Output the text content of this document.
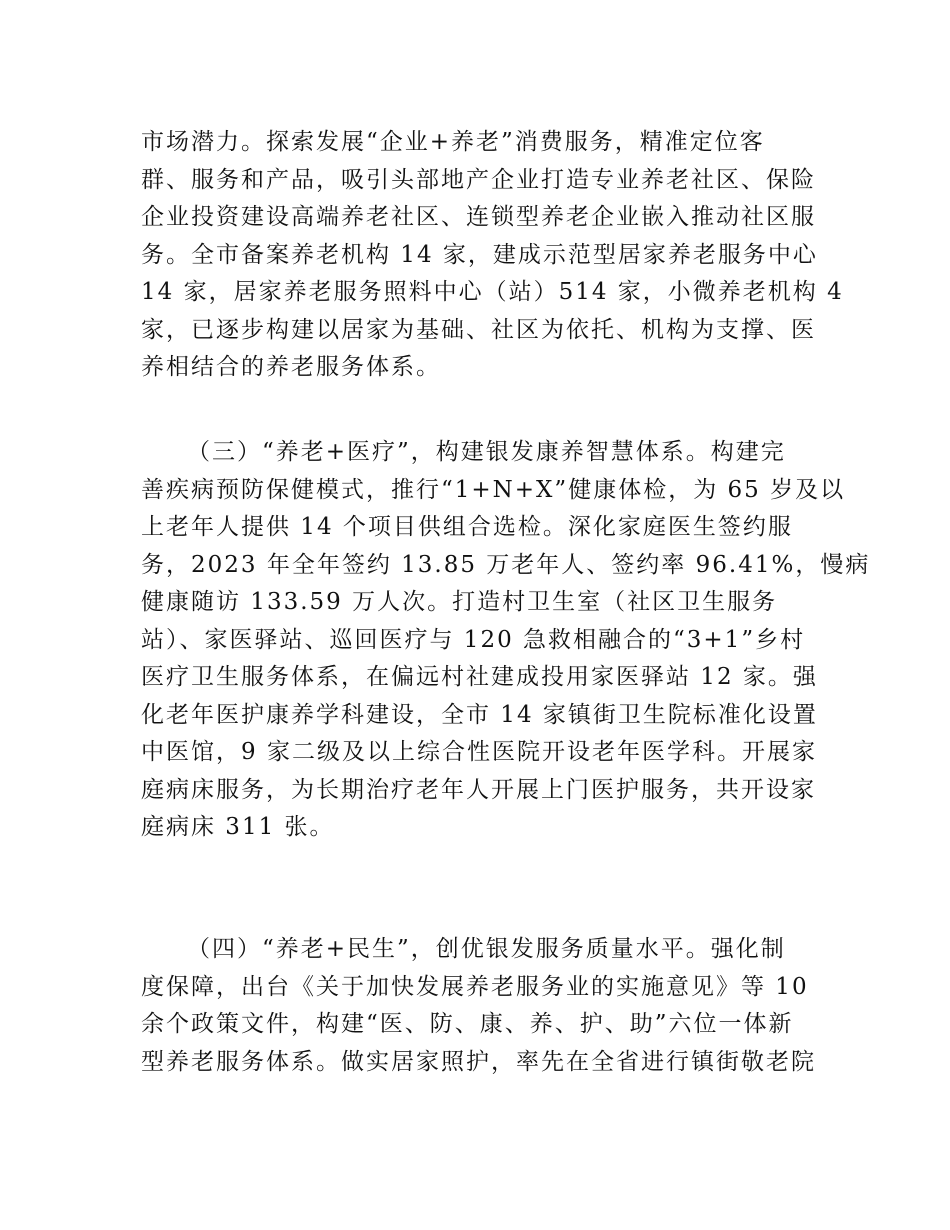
市场潜力。探索发展“企业+养老”消费服务，精准定位客
群、服务和产品，吸引头部地产企业打造专业养老社区、保险
企业投资建设高端养老社区、连锁型养老企业嵌入推动社区服
务。全市备案养老机构 14 家，建成示范型居家养老服务中心
14 家，居家养老服务照料中心（站）514 家，小微养老机构 4
家，已逐步构建以居家为基础、社区为依托、机构为支撑、医
养相结合的养老服务体系。
（三）“养老+医疗”，构建银发康养智慧体系。构建完
善疾病预防保健模式，推行“1+N+X”健康体检，为 65 岁及以
上老年人提供 14 个项目供组合选检。深化家庭医生签约服
务，2023 年全年签约 13.85 万老年人、签约率 96.41%，慢病
健康随访 133.59 万人次。打造村卫生室（社区卫生服务
站）、家医驿站、巡回医疗与 120 急救相融合的“3+1”乡村
医疗卫生服务体系，在偏远村社建成投用家医驿站 12 家。强
化老年医护康养学科建设，全市 14 家镇街卫生院标准化设置
中医馆，9 家二级及以上综合性医院开设老年医学科。开展家
庭病床服务，为长期治疗老年人开展上门医护服务，共开设家
庭病床 311 张。
（四）“养老+民生”，创优银发服务质量水平。强化制
度保障，出台《关于加快发展养老服务业的实施意见》等 10
余个政策文件，构建“医、防、康、养、护、助”六位一体新
型养老服务体系。做实居家照护，率先在全省进行镇街敬老院
